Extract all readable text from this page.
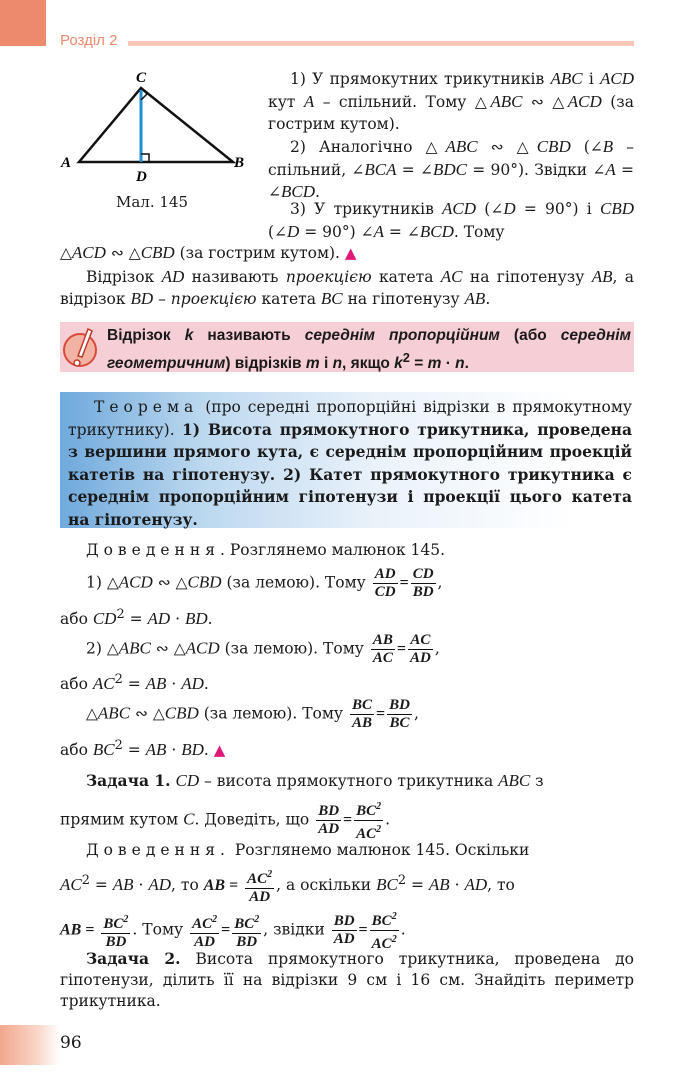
Розділ 2
C
A	B
D
Мал. 145
1) У прямокутних трикутників ABC і ACD кут A – спільний. Тому △ABC ∾ △ACD (за гострим кутом).
2) Аналогічно △ABC ∾ △CBD (∠B – спільний, ∠BCA = ∠BDC = 90°). Звідки ∠A = ∠BCD.
3) У трикутників ACD (∠D = 90°) і CBD (∠D = 90°) ∠A = ∠BCD. Тому
△ACD ∾ △CBD (за гострим кутом). ▲
Відрізок AD називають проекцією катета AC на гіпотенузу AB, а відрізок BD – проекцією катета BC на гіпотенузу AB.
Відрізок k називають середнім пропорційним (або середнім геометричним) відрізків m і n, якщо $k^2 = m \cdot n$.
Теорема (про середні пропорційні відрізки в прямокутному трикутнику). 1) Висота прямокутного трикутника, проведена з вершини прямого кута, є середнім пропорційним проекцій катетів на гіпотенузу. 2) Катет прямокутного трикутника є середнім пропорційним гіпотенузи і проекції цього катета на гіпотенузу.
Доведення. Розглянемо малюнок 145.
1) △ACD ∾ △CBD (за лемою). Тому $\frac{AD}{CD} = \frac{CD}{BD}$ ,
або $CD^2$ = AD · BD.
2) △ABC ∾ △ACD (за лемою). Тому $\frac{AB}{AC} = \frac{AC}{AD}$ ,
або $AC^2$ = AB · AD.
△ABC ∾ △CBD (за лемою). Тому $\frac{BC}{AB} = \frac{BD}{BC}$ ,
або $BC^2$ = AB · BD. ▲
Задача 1. CD – висота прямокутного трикутника ABC з
прямим кутом C. Доведіть, що $\frac{BD}{AD} = \frac{BC^2}{AC^2}$ .
Доведення. Розглянемо малюнок 145. Оскільки
$AC^2$ = AB · AD, то AB = $\frac{AC^2}{AD}$ , а оскільки $BC^2$ = AB · AD, то
AB = $\frac{BC^2}{BD}$ . Тому $\frac{AC^2}{AD} = \frac{BC^2}{BD}$ , звідки $\frac{BD}{AD} = \frac{BC^2}{AC^2}$ .
Задача 2. Висота прямокутного трикутника, проведена до гіпотенузи, ділить її на відрізки 9 см і 16 см. Знайдіть периметр трикутника.
96
